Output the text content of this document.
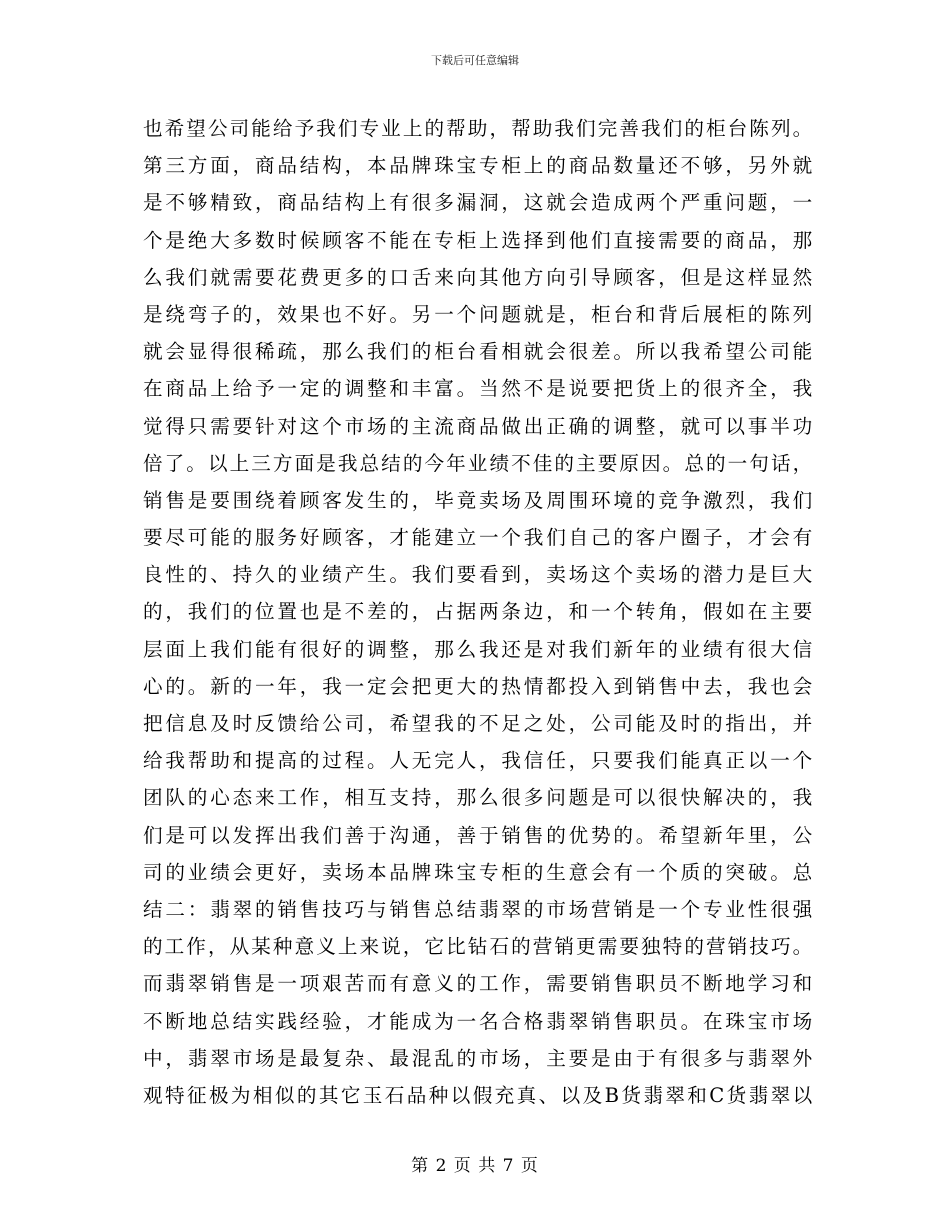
下载后可任意编辑
也希望公司能给予我们专业上的帮助，帮助我们完善我们的柜台陈列。
第三方面，商品结构，本品牌珠宝专柜上的商品数量还不够，另外就
是不够精致，商品结构上有很多漏洞，这就会造成两个严重问题，一
个是绝大多数时候顾客不能在专柜上选择到他们直接需要的商品，那
么我们就需要花费更多的口舌来向其他方向引导顾客，但是这样显然
是绕弯子的，效果也不好。另一个问题就是，柜台和背后展柜的陈列
就会显得很稀疏，那么我们的柜台看相就会很差。所以我希望公司能
在商品上给予一定的调整和丰富。当然不是说要把货上的很齐全，我
觉得只需要针对这个市场的主流商品做出正确的调整，就可以事半功
倍了。以上三方面是我总结的今年业绩不佳的主要原因。总的一句话，
销售是要围绕着顾客发生的，毕竟卖场及周围环境的竞争激烈，我们
要尽可能的服务好顾客，才能建立一个我们自己的客户圈子，才会有
良性的、持久的业绩产生。我们要看到，卖场这个卖场的潜力是巨大
的，我们的位置也是不差的，占据两条边，和一个转角，假如在主要
层面上我们能有很好的调整，那么我还是对我们新年的业绩有很大信
心的。新的一年，我一定会把更大的热情都投入到销售中去，我也会
把信息及时反馈给公司，希望我的不足之处，公司能及时的指出，并
给我帮助和提高的过程。人无完人，我信任，只要我们能真正以一个
团队的心态来工作，相互支持，那么很多问题是可以很快解决的，我
们是可以发挥出我们善于沟通，善于销售的优势的。希望新年里，公
司的业绩会更好，卖场本品牌珠宝专柜的生意会有一个质的突破。总
结二：翡翠的销售技巧与销售总结翡翠的市场营销是一个专业性很强
的工作，从某种意义上来说，它比钻石的营销更需要独特的营销技巧。
而翡翠销售是一项艰苦而有意义的工作，需要销售职员不断地学习和
不断地总结实践经验，才能成为一名合格翡翠销售职员。在珠宝市场
中，翡翠市场是最复杂、最混乱的市场，主要是由于有很多与翡翠外
观特征极为相似的其它玉石品种以假充真、以及B货翡翠和C货翡翠以
第 2 页 共 7 页
